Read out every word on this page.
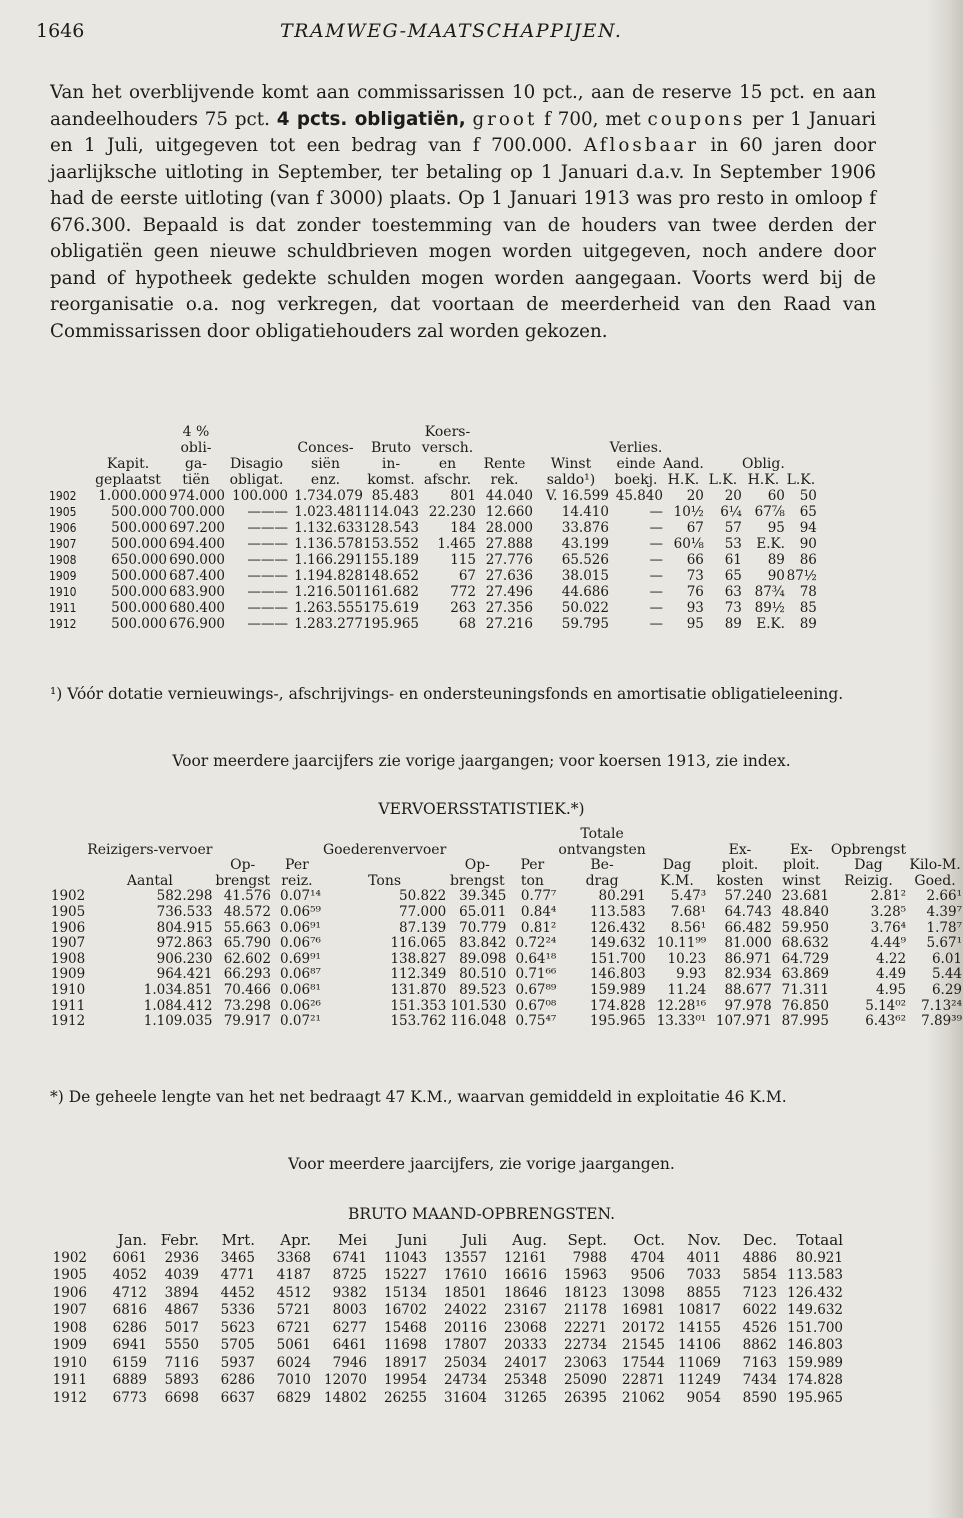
1646	TRAMWEG-MAATSCHAPPIJEN.
Van het overblijvende komt aan commissarissen 10 pct., aan de reserve 15 pct. en aan aandeelhouders 75 pct. 4 pcts. obligatiën, groot f 700, met coupons per 1 Januari en 1 Juli, uitgegeven tot een bedrag van f 700.000. Aflosbaar in 60 jaren door jaarlijksche uitloting in September, ter betaling op 1 Januari d.a.v. In September 1906 had de eerste uitloting (van f 3000) plaats. Op 1 Januari 1913 was pro resto in omloop f 676.300. Bepaald is dat zonder toestemming van de houders van twee derden der obligatiën geen nieuwe schuldbrieven mogen worden uitgegeven, noch andere door pand of hypotheek gedekte schulden mogen worden aangegaan. Voorts werd bij de reorganisatie o.a. nog verkregen, dat voortaan de meerderheid van den Raad van Commissarissen door obligatiehouders zal worden gekozen.
		4 %				Koers-							
		obli-		Conces-	Bruto	versch.			Verlies.				
	Kapit.	ga-	Disagio	siën	in-	en	Rente	Winst	einde	Aand.		Oblig.	
	geplaatst	tiën	obligat.	enz.	komst.	afschr.	rek.	saldo¹)	boekj.	H.K.	L.K.	H.K.	L.K.
1902	1.000.000	974.000	100.000	1.734.079	85.483	801	44.040	V. 16.599	45.840	20	20	60	50
1905	500.000	700.000	———	1.023.481	114.043	22.230	12.660	14.410	—	10½	6¼	67⅞	65
1906	500.000	697.200	———	1.132.633	128.543	184	28.000	33.876	—	67	57	95	94
1907	500.000	694.400	———	1.136.578	153.552	1.465	27.888	43.199	—	60⅛	53	E.K.	90
1908	650.000	690.000	———	1.166.291	155.189	115	27.776	65.526	—	66	61	89	86
1909	500.000	687.400	———	1.194.828	148.652	67	27.636	38.015	—	73	65	90	87½
1910	500.000	683.900	———	1.216.501	161.682	772	27.496	44.686	—	76	63	87¾	78
1911	500.000	680.400	———	1.263.555	175.619	263	27.356	50.022	—	93	73	89½	85
1912	500.000	676.900	———	1.283.277	195.965	68	27.216	59.795	—	95	89	E.K.	89
¹) Vóór dotatie vernieuwings-, afschrijvings- en ondersteuningsfonds en amortisatie obligatieleening.
Voor meerdere jaarcijfers zie vorige jaargangen; voor koersen 1913, zie index.
VERVOERSSTATISTIEK.*)
							Totale					
	Reizigers-vervoer			Goederenvervoer			ontvangsten		Ex-	Ex-	Opbrengst	
		Op-	Per		Op-	Per	Be-	Dag	ploit.	ploit.	Dag	Kilo-M.
	Aantal	brengst	reiz.	Tons	brengst	ton	drag	K.M.	kosten	winst	Reizig.	Goed.
1902	582.298	41.576	0.07¹⁴	50.822	39.345	0.77⁷	80.291	5.47³	57.240	23.681	2.81²	2.66¹
1905	736.533	48.572	0.06⁵⁹	77.000	65.011	0.84⁴	113.583	7.68¹	64.743	48.840	3.28⁵	4.39⁷
1906	804.915	55.663	0.06⁹¹	87.139	70.779	0.81²	126.432	8.56¹	66.482	59.950	3.76⁴	1.78⁷
1907	972.863	65.790	0.06⁷⁶	116.065	83.842	0.72²⁴	149.632	10.11⁹⁹	81.000	68.632	4.44⁹	5.67¹
1908	906.230	62.602	0.69⁹¹	138.827	89.098	0.64¹⁸	151.700	10.23	86.971	64.729	4.22	6.01
1909	964.421	66.293	0.06⁸⁷	112.349	80.510	0.71⁶⁶	146.803	9.93	82.934	63.869	4.49	5.44
1910	1.034.851	70.466	0.06⁸¹	131.870	89.523	0.67⁸⁹	159.989	11.24	88.677	71.311	4.95	6.29
1911	1.084.412	73.298	0.06²⁶	151.353	101.530	0.67⁰⁸	174.828	12.28¹⁶	97.978	76.850	5.14⁰²	7.13²⁴
1912	1.109.035	79.917	0.07²¹	153.762	116.048	0.75⁴⁷	195.965	13.33⁰¹	107.971	87.995	6.43⁶²	7.89³⁹
*) De geheele lengte van het net bedraagt 47 K.M., waarvan gemiddeld in exploitatie 46 K.M.
Voor meerdere jaarcijfers, zie vorige jaargangen.
BRUTO MAAND-OPBRENGSTEN.
	Jan.	Febr.	Mrt.	Apr.	Mei	Juni	Juli	Aug.	Sept.	Oct.	Nov.	Dec.	Totaal
1902	6061	2936	3465	3368	6741	11043	13557	12161	7988	4704	4011	4886	80.921
1905	4052	4039	4771	4187	8725	15227	17610	16616	15963	9506	7033	5854	113.583
1906	4712	3894	4452	4512	9382	15134	18501	18646	18123	13098	8855	7123	126.432
1907	6816	4867	5336	5721	8003	16702	24022	23167	21178	16981	10817	6022	149.632
1908	6286	5017	5623	6721	6277	15468	20116	23068	22271	20172	14155	4526	151.700
1909	6941	5550	5705	5061	6461	11698	17807	20333	22734	21545	14106	8862	146.803
1910	6159	7116	5937	6024	7946	18917	25034	24017	23063	17544	11069	7163	159.989
1911	6889	5893	6286	7010	12070	19954	24734	25348	25090	22871	11249	7434	174.828
1912	6773	6698	6637	6829	14802	26255	31604	31265	26395	21062	9054	8590	195.965
